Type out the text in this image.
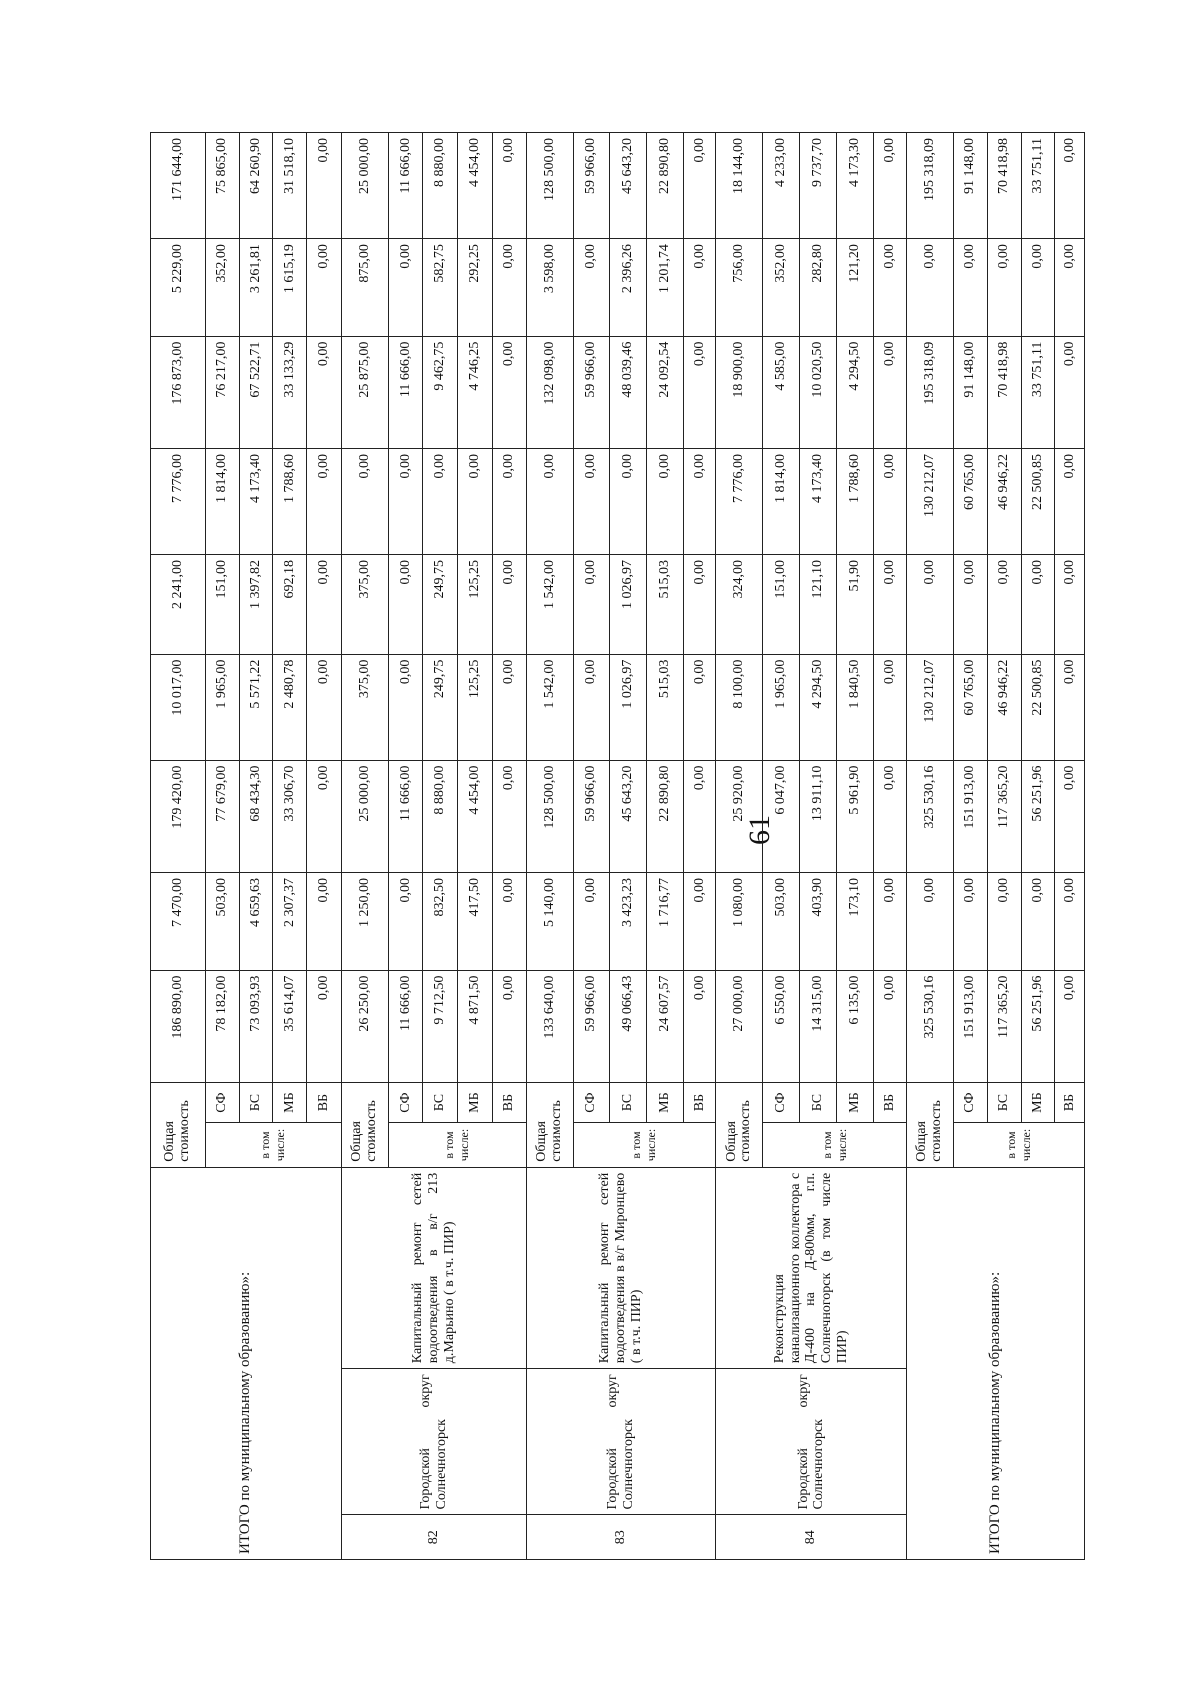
61
ИТОГО по муниципальному образованию»:			Общая стоимость		186 890,00	7 470,00	179 420,00	10 017,00	2 241,00	7 776,00	176 873,00	5 229,00	171 644,00
			в том числе:	СФ	78 182,00	503,00	77 679,00	1 965,00	151,00	1 814,00	76 217,00	352,00	75 865,00
				БС	73 093,93	4 659,63	68 434,30	5 571,22	1 397,82	4 173,40	67 522,71	3 261,81	64 260,90
				МБ	35 614,07	2 307,37	33 306,70	2 480,78	692,18	1 788,60	33 133,29	1 615,19	31 518,10
				ВБ	0,00	0,00	0,00	0,00	0,00	0,00	0,00	0,00	0,00
82	Городской округ Солнечногорск	Капитальный ремонт сетей водоотведения в в/г 213 д.Марьино ( в т.ч. ПИР)	Общая стоимость		26 250,00	1 250,00	25 000,00	375,00	375,00	0,00	25 875,00	875,00	25 000,00
			в том числе:	СФ	11 666,00	0,00	11 666,00	0,00	0,00	0,00	11 666,00	0,00	11 666,00
				БС	9 712,50	832,50	8 880,00	249,75	249,75	0,00	9 462,75	582,75	8 880,00
				МБ	4 871,50	417,50	4 454,00	125,25	125,25	0,00	4 746,25	292,25	4 454,00
				ВБ	0,00	0,00	0,00	0,00	0,00	0,00	0,00	0,00	0,00
83	Городской округ Солнечногорск	Капитальный ремонт сетей водоотведения в в/г Миронцево ( в т.ч. ПИР)	Общая стоимость		133 640,00	5 140,00	128 500,00	1 542,00	1 542,00	0,00	132 098,00	3 598,00	128 500,00
			в том числе:	СФ	59 966,00	0,00	59 966,00	0,00	0,00	0,00	59 966,00	0,00	59 966,00
				БС	49 066,43	3 423,23	45 643,20	1 026,97	1 026,97	0,00	48 039,46	2 396,26	45 643,20
				МБ	24 607,57	1 716,77	22 890,80	515,03	515,03	0,00	24 092,54	1 201,74	22 890,80
				ВБ	0,00	0,00	0,00	0,00	0,00	0,00	0,00	0,00	0,00
84	Городской округ Солнечногорск	Реконструкция канализационного коллектора с Д-400 на Д-800мм, г.п. Солнечногорск (в том числе ПИР)	Общая стоимость		27 000,00	1 080,00	25 920,00	8 100,00	324,00	7 776,00	18 900,00	756,00	18 144,00
			в том числе:	СФ	6 550,00	503,00	6 047,00	1 965,00	151,00	1 814,00	4 585,00	352,00	4 233,00
				БС	14 315,00	403,90	13 911,10	4 294,50	121,10	4 173,40	10 020,50	282,80	9 737,70
				МБ	6 135,00	173,10	5 961,90	1 840,50	51,90	1 788,60	4 294,50	121,20	4 173,30
				ВБ	0,00	0,00	0,00	0,00	0,00	0,00	0,00	0,00	0,00
ИТОГО по муниципальному образованию»:			Общая стоимость		325 530,16	0,00	325 530,16	130 212,07	0,00	130 212,07	195 318,09	0,00	195 318,09
			в том числе:	СФ	151 913,00	0,00	151 913,00	60 765,00	0,00	60 765,00	91 148,00	0,00	91 148,00
				БС	117 365,20	0,00	117 365,20	46 946,22	0,00	46 946,22	70 418,98	0,00	70 418,98
				МБ	56 251,96	0,00	56 251,96	22 500,85	0,00	22 500,85	33 751,11	0,00	33 751,11
				ВБ	0,00	0,00	0,00	0,00	0,00	0,00	0,00	0,00	0,00
